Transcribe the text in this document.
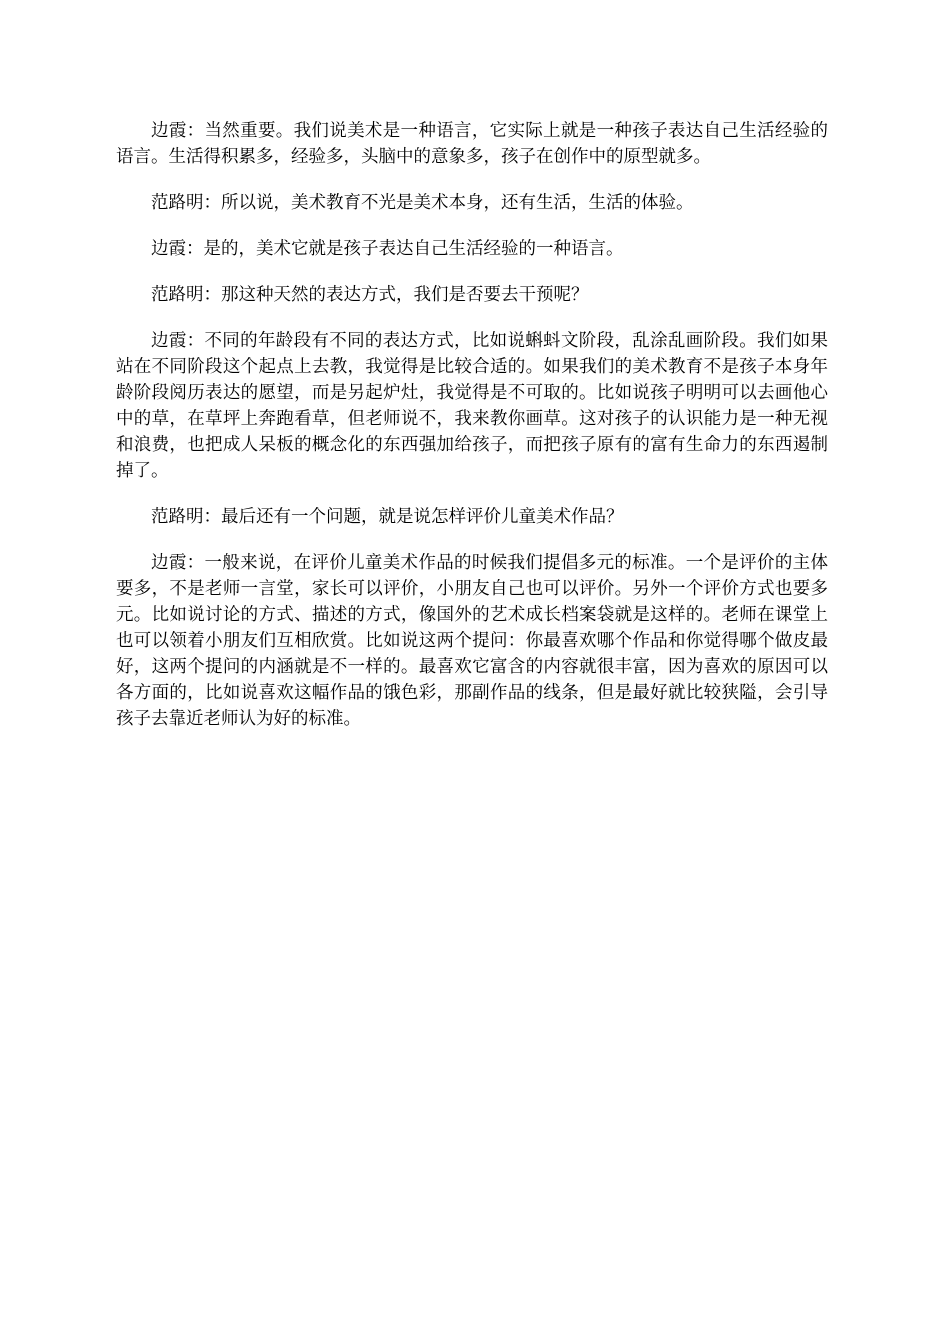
边霞：当然重要。我们说美术是一种语言，它实际上就是一种孩子表达自己生活经验的语言。生活得积累多，经验多，头脑中的意象多，孩子在创作中的原型就多。

范路明：所以说，美术教育不光是美术本身，还有生活，生活的体验。

边霞：是的，美术它就是孩子表达自己生活经验的一种语言。

范路明：那这种天然的表达方式，我们是否要去干预呢？

边霞：不同的年龄段有不同的表达方式，比如说蝌蚪文阶段，乱涂乱画阶段。我们如果站在不同阶段这个起点上去教，我觉得是比较合适的。如果我们的美术教育不是孩子本身年龄阶段阅历表达的愿望，而是另起炉灶，我觉得是不可取的。比如说孩子明明可以去画他心中的草，在草坪上奔跑看草，但老师说不，我来教你画草。这对孩子的认识能力是一种无视和浪费，也把成人呆板的概念化的东西强加给孩子，而把孩子原有的富有生命力的东西遏制掉了。

范路明：最后还有一个问题，就是说怎样评价儿童美术作品？

边霞：一般来说，在评价儿童美术作品的时候我们提倡多元的标准。一个是评价的主体要多，不是老师一言堂，家长可以评价，小朋友自己也可以评价。另外一个评价方式也要多元。比如说讨论的方式、描述的方式，像国外的艺术成长档案袋就是这样的。老师在课堂上也可以领着小朋友们互相欣赏。比如说这两个提问：你最喜欢哪个作品和你觉得哪个做皮最好，这两个提问的内涵就是不一样的。最喜欢它富含的内容就很丰富，因为喜欢的原因可以各方面的，比如说喜欢这幅作品的饿色彩，那副作品的线条，但是最好就比较狭隘，会引导孩子去靠近老师认为好的标准。
